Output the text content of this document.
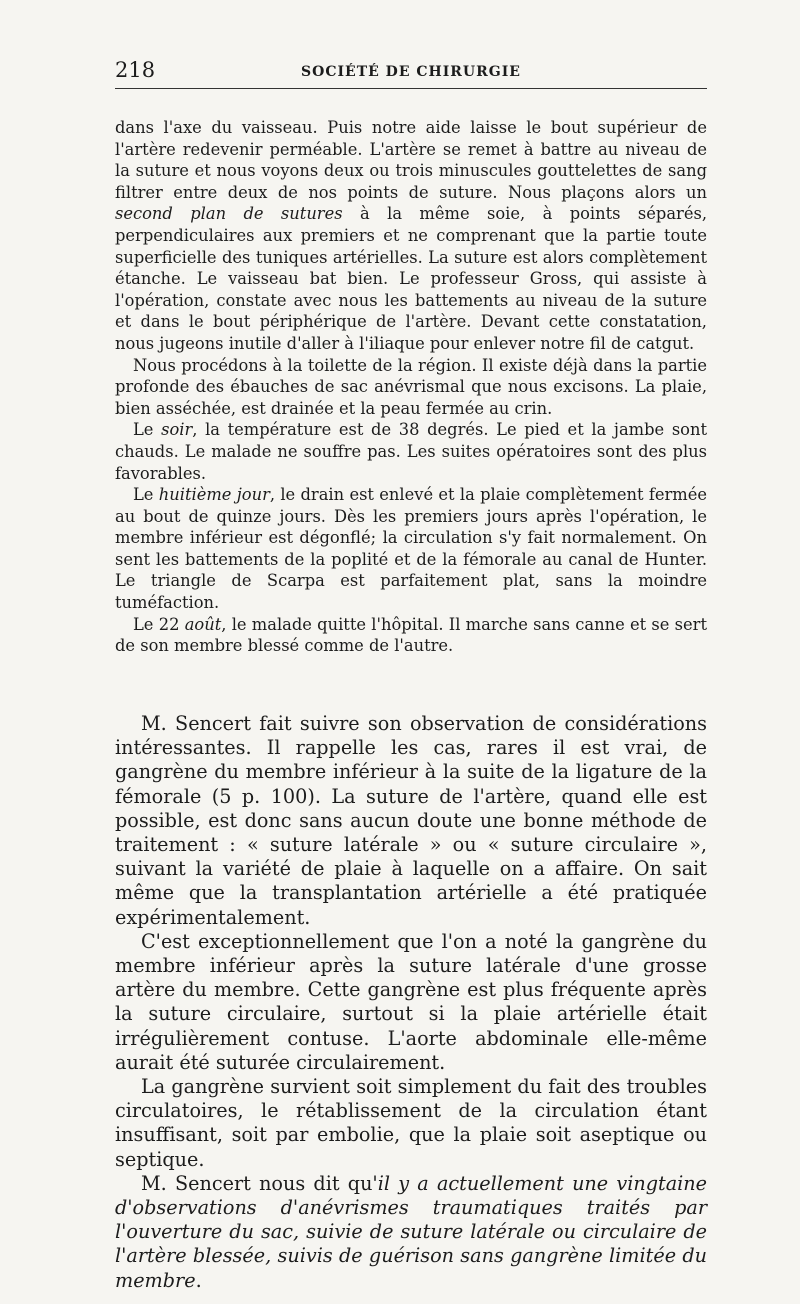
218	SOCIÉTÉ DE CHIRURGIE

dans l'axe du vaisseau. Puis notre aide laisse le bout supérieur de l'artère redevenir perméable. L'artère se remet à battre au niveau de la suture et nous voyons deux ou trois minuscules gouttelettes de sang filtrer entre deux de nos points de suture. Nous plaçons alors un second plan de sutures à la même soie, à points séparés, perpendiculaires aux premiers et ne comprenant que la partie toute superficielle des tuniques artérielles. La suture est alors complètement étanche. Le vaisseau bat bien. Le professeur Gross, qui assiste à l'opération, constate avec nous les battements au niveau de la suture et dans le bout périphérique de l'artère. Devant cette constatation, nous jugeons inutile d'aller à l'iliaque pour enlever notre fil de catgut.

Nous procédons à la toilette de la région. Il existe déjà dans la partie profonde des ébauches de sac anévrismal que nous excisons. La plaie, bien asséchée, est drainée et la peau fermée au crin.

Le soir, la température est de 38 degrés. Le pied et la jambe sont chauds. Le malade ne souffre pas. Les suites opératoires sont des plus favorables.

Le huitième jour, le drain est enlevé et la plaie complètement fermée au bout de quinze jours. Dès les premiers jours après l'opération, le membre inférieur est dégonflé; la circulation s'y fait normalement. On sent les battements de la poplité et de la fémorale au canal de Hunter. Le triangle de Scarpa est parfaitement plat, sans la moindre tuméfaction.

Le 22 août, le malade quitte l'hôpital. Il marche sans canne et se sert de son membre blessé comme de l'autre.

M. Sencert fait suivre son observation de considérations intéressantes. Il rappelle les cas, rares il est vrai, de gangrène du membre inférieur à la suite de la ligature de la fémorale (5 p. 100). La suture de l'artère, quand elle est possible, est donc sans aucun doute une bonne méthode de traitement : « suture latérale » ou « suture circulaire », suivant la variété de plaie à laquelle on a affaire. On sait même que la transplantation artérielle a été pratiquée expérimentalement.

C'est exceptionnellement que l'on a noté la gangrène du membre inférieur après la suture latérale d'une grosse artère du membre. Cette gangrène est plus fréquente après la suture circulaire, surtout si la plaie artérielle était irrégulièrement contuse. L'aorte abdominale elle-même aurait été suturée circulairement.

La gangrène survient soit simplement du fait des troubles circulatoires, le rétablissement de la circulation étant insuffisant, soit par embolie, que la plaie soit aseptique ou septique.

M. Sencert nous dit qu'il y a actuellement une vingtaine d'observations d'anévrismes traumatiques traités par l'ouverture du sac, suivie de suture latérale ou circulaire de l'artère blessée, suivis de guérison sans gangrène limitée du membre.
